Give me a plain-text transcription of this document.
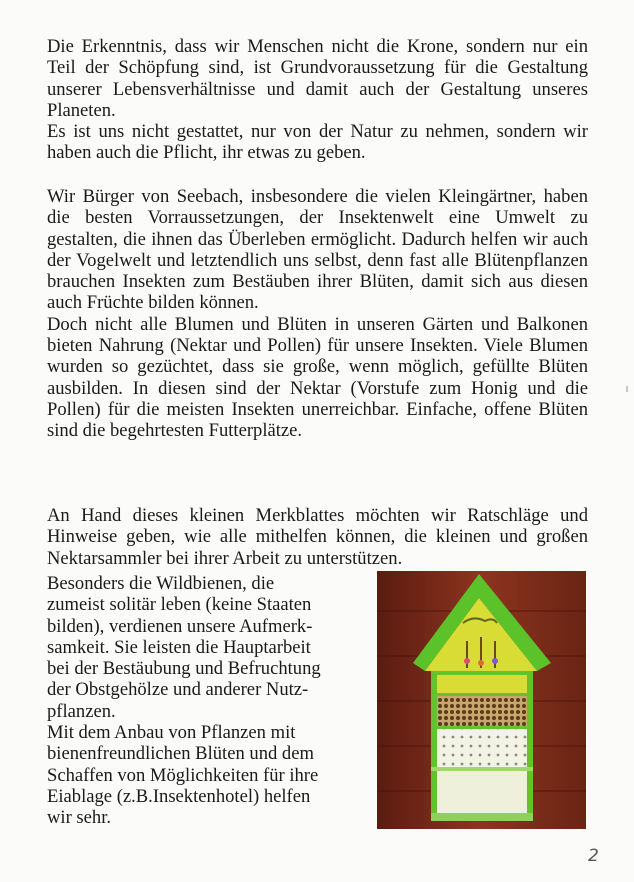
Die Erkenntnis, dass wir Menschen nicht die Krone, sondern nur ein Teil der Schöpfung sind, ist Grundvoraussetzung für die Gestaltung unserer Lebensverhältnisse und damit auch der Gestaltung unseres Planeten.

Es ist uns nicht gestattet, nur von der Natur zu nehmen, sondern wir haben auch die Pflicht, ihr etwas zu geben.

Wir Bürger von Seebach, insbesondere die vielen Kleingärtner, haben die besten Vorraussetzungen, der Insektenwelt eine Umwelt zu gestalten, die ihnen das Überleben ermöglicht. Dadurch helfen wir auch der Vogelwelt und letztendlich uns selbst, denn fast alle Blütenpflanzen brauchen Insekten zum Bestäuben ihrer Blüten, damit sich aus diesen auch Früchte bilden können.

Doch nicht alle Blumen und Blüten in unseren Gärten und Balkonen bieten Nahrung (Nektar und Pollen) für unsere Insekten. Viele Blumen wurden so gezüchtet, dass sie große, wenn möglich, gefüllte Blüten ausbilden. In diesen sind der Nektar (Vorstufe zum Honig und die Pollen) für die meisten Insekten unerreichbar. Einfache, offene Blüten sind die begehrtesten Futterplätze.

An Hand dieses kleinen Merkblattes möchten wir Ratschläge und Hinweise geben, wie alle mithelfen können, die kleinen und großen Nektarsammler bei ihrer Arbeit zu unterstützen.

Besonders die Wildbienen, die
zumeist solitär leben (keine Staaten
bilden), verdienen unsere Aufmerk-
samkeit. Sie leisten die Hauptarbeit
bei der Bestäubung und Befruchtung
der Obstgehölze und anderer Nutz-
pflanzen.
Mit dem Anbau von Pflanzen mit
bienenfreundlichen Blüten und dem
Schaffen von Möglichkeiten für ihre
Eiablage (z.B.Insektenhotel) helfen
wir sehr.
2
